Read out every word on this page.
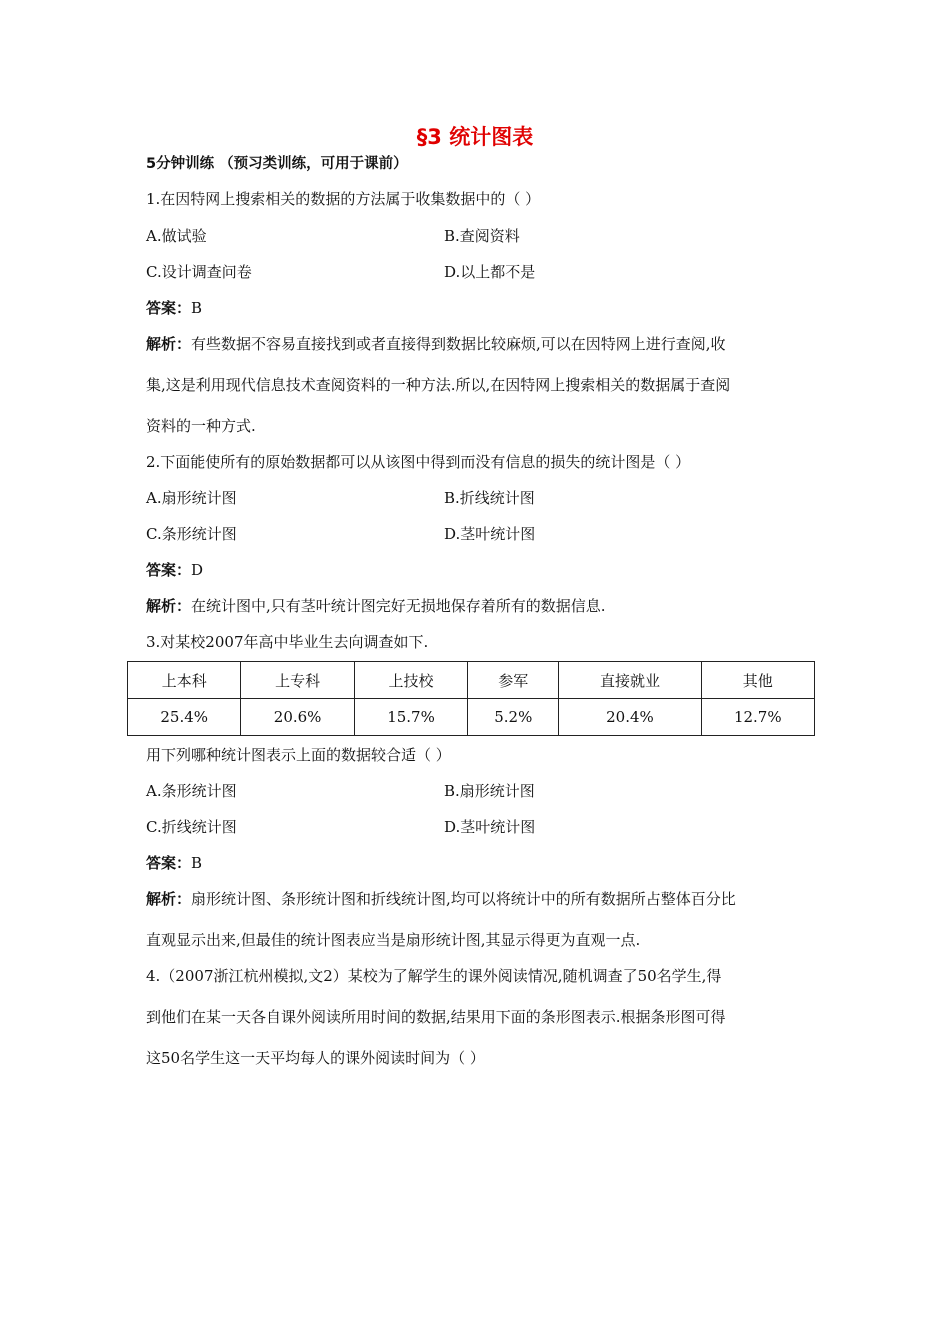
§3 统计图表
5分钟训练 （预习类训练，可用于课前）
1.在因特网上搜索相关的数据的方法属于收集数据中的（ ）
A.做试验	B.查阅资料
C.设计调查问卷	D.以上都不是
答案：B
解析：有些数据不容易直接找到或者直接得到数据比较麻烦,可以在因特网上进行查阅,收
集,这是利用现代信息技术查阅资料的一种方法.所以,在因特网上搜索相关的数据属于查阅
资料的一种方式.
2.下面能使所有的原始数据都可以从该图中得到而没有信息的损失的统计图是（ ）
A.扇形统计图	B.折线统计图
C.条形统计图	D.茎叶统计图
答案：D
解析：在统计图中,只有茎叶统计图完好无损地保存着所有的数据信息.
3.对某校2007年高中毕业生去向调查如下.
上本科	上专科	上技校	参军	直接就业	其他
25.4%	20.6%	15.7%	5.2%	20.4%	12.7%
用下列哪种统计图表示上面的数据较合适（ ）
A.条形统计图	B.扇形统计图
C.折线统计图	D.茎叶统计图
答案：B
解析：扇形统计图、条形统计图和折线统计图,均可以将统计中的所有数据所占整体百分比
直观显示出来,但最佳的统计图表应当是扇形统计图,其显示得更为直观一点.
4.（2007浙江杭州模拟,文2）某校为了解学生的课外阅读情况,随机调查了50名学生,得
到他们在某一天各自课外阅读所用时间的数据,结果用下面的条形图表示.根据条形图可得
这50名学生这一天平均每人的课外阅读时间为（ ）
